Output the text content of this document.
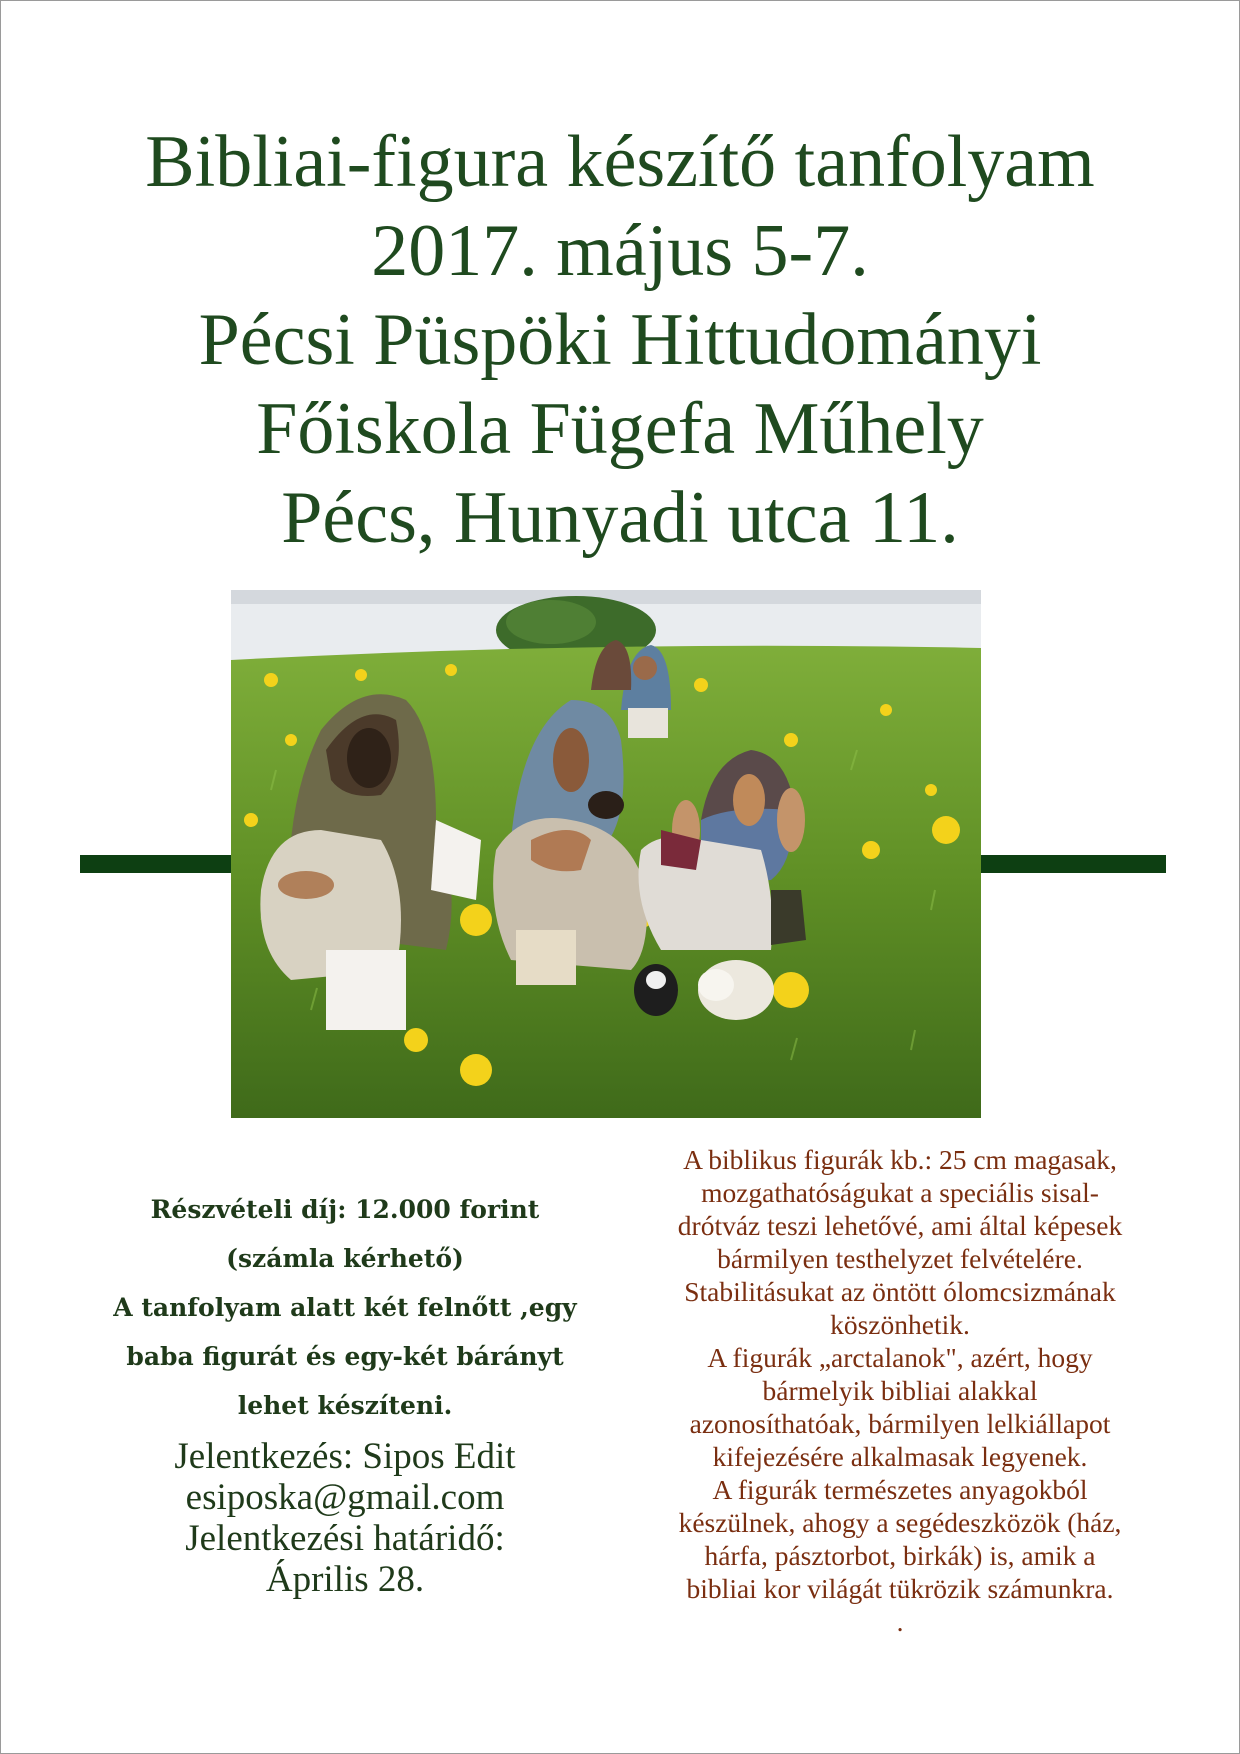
Bibliai-figura készítő tanfolyam
2017. május 5-7.
Pécsi Püspöki Hittudományi
Főiskola Fügefa Műhely
Pécs, Hunyadi utca 11.
Részvételi díj: 12.000 forint
(számla kérhető)
A tanfolyam alatt két felnőtt ,egy
baba figurát és egy-két bárányt
lehet készíteni.
Jelentkezés: Sipos Edit
esiposka@gmail.com
Jelentkezési határidő:
Április 28.
A biblikus figurák kb.: 25 cm magasak,
mozgathatóságukat a speciális sisal-
drótváz teszi lehetővé, ami által képesek
bármilyen testhelyzet felvételére.
Stabilitásukat az öntött ólomcsizmának
köszönhetik.
A figurák „arctalanok", azért, hogy
bármelyik bibliai alakkal
azonosíthatóak, bármilyen lelkiállapot
kifejezésére alkalmasak legyenek.
A figurák természetes anyagokból
készülnek, ahogy a segédeszközök (ház,
hárfa, pásztorbot, birkák) is, amik a
bibliai kor világát tükrözik számunkra.
.
